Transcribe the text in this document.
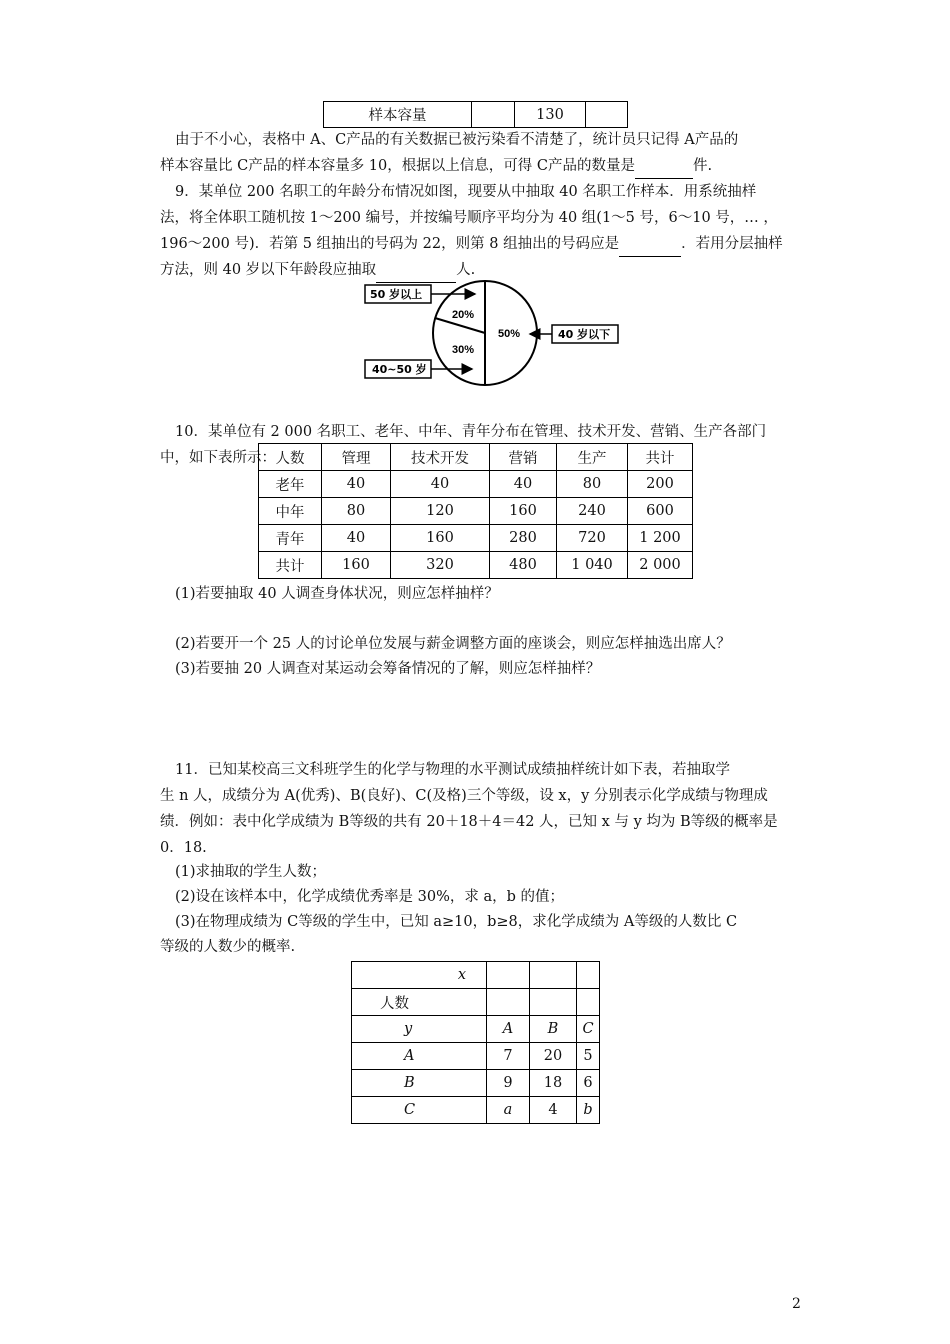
样本容量		130	
由于不小心，表格中 A、C产品的有关数据已被污染看不清楚了，统计员只记得 A产品的
样本容量比 C产品的样本容量多 10，根据以上信息，可得 C产品的数量是	件.
9．某单位 200 名职工的年龄分布情况如图，现要从中抽取 40 名职工作样本．用系统抽样
法，将全体职工随机按 1～200 编号，并按编号顺序平均分为 40 组(1～5 号，6～10 号，… ，
196～200 号)．若第 5 组抽出的号码为 22，则第 8 组抽出的号码应是	．若用分层抽样
方法，则 40 岁以下年龄段应抽取	人.
20%
30%
50%
50 岁以上
40~50 岁
40 岁以下
10．某单位有 2 000 名职工、老年、中年、青年分布在管理、技术开发、营销、生产各部门
中，如下表所示： 人数	管理	技术开发	营销	生产	共计
老年	40	40	40	80	200
中年	80	120	160	240	600
青年	40	160	280	720	1 200
共计	160	320	480	1 040	2 000
(1)若要抽取 40 人调查身体状况，则应怎样抽样？
(2)若要开一个 25 人的讨论单位发展与薪金调整方面的座谈会，则应怎样抽选出席人？
(3)若要抽 20 人调查对某运动会筹备情况的了解，则应怎样抽样？
11．已知某校高三文科班学生的化学与物理的水平测试成绩抽样统计如下表，若抽取学
生 n 人，成绩分为 A(优秀)、B(良好)、C(及格)三个等级，设 x，y 分别表示化学成绩与物理成
绩．例如：表中化学成绩为 B等级的共有 20＋18＋4＝42 人，已知 x 与 y 均为 B等级的概率是
0．18.
(1)求抽取的学生人数；
(2)设在该样本中，化学成绩优秀率是 30%，求 a，b 的值；
(3)在物理成绩为 C等级的学生中，已知 a≥10，b≥8，求化学成绩为 A等级的人数比 C
等级的人数少的概率.
x			
人数			
y	A	B	C
A	7	20	5
B	9	18	6
C	a	4	b
2
